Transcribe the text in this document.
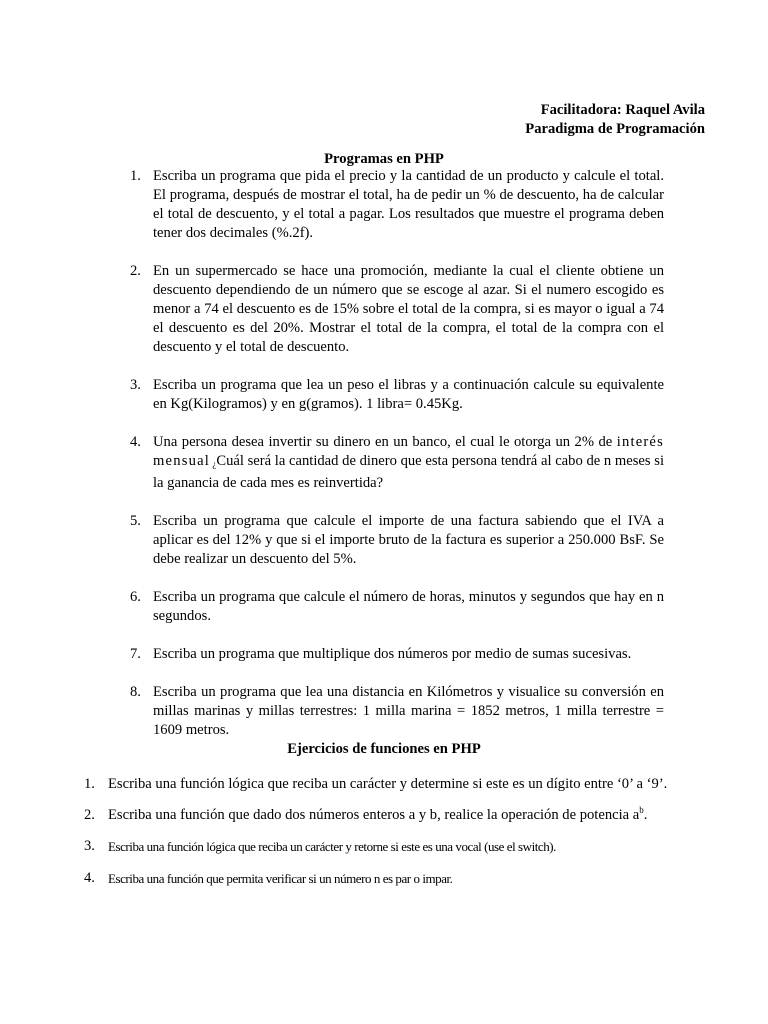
Facilitadora: Raquel Avila
Paradigma de Programación
Programas en PHP
1. Escriba un programa que pida el precio y la cantidad de un producto y calcule el total. El programa, después de mostrar el total, ha de pedir un % de descuento, ha de calcular el total de descuento, y el total a pagar. Los resultados que muestre el programa deben tener dos decimales (%.2f).
2. En un supermercado se hace una promoción, mediante la cual el cliente obtiene un descuento dependiendo de un número que se escoge al azar. Si el numero escogido es menor a 74 el descuento es de 15% sobre el total de la compra, si es mayor o igual a 74 el descuento es del 20%. Mostrar el total de la compra, el total de la compra con el descuento y el total de descuento.
3. Escriba un programa que lea un peso el libras y a continuación calcule su equivalente en Kg(Kilogramos) y en g(gramos). 1 libra= 0.45Kg.
4. Una persona desea invertir su dinero en un banco, el cual le otorga un 2% de interés mensual ¿Cuál será la cantidad de dinero que esta persona tendrá al cabo de n meses si la ganancia de cada mes es reinvertida?
5. Escriba un programa que calcule el importe de una factura sabiendo que el IVA a aplicar es del 12% y que si el importe bruto de la factura es superior a 250.000 BsF. Se debe realizar un descuento del 5%.
6. Escriba un programa que calcule el número de horas, minutos y segundos que hay en n segundos.
7. Escriba un programa que multiplique dos números por medio de sumas sucesivas.
8. Escriba un programa que lea una distancia en Kilómetros y visualice su conversión en millas marinas y millas terrestres: 1 milla marina = 1852 metros, 1 milla terrestre = 1609 metros.
Ejercicios de funciones en PHP
1. Escriba una función lógica que reciba un carácter y determine si este es un dígito entre ‘0’ a ‘9’.
2. Escriba una función que dado dos números enteros a y b, realice la operación de potencia $a^b$.
3. Escriba una función lógica que reciba un carácter y retorne si este es una vocal (use el switch).
4. Escriba una función que permita verificar si un número n es par o impar.
